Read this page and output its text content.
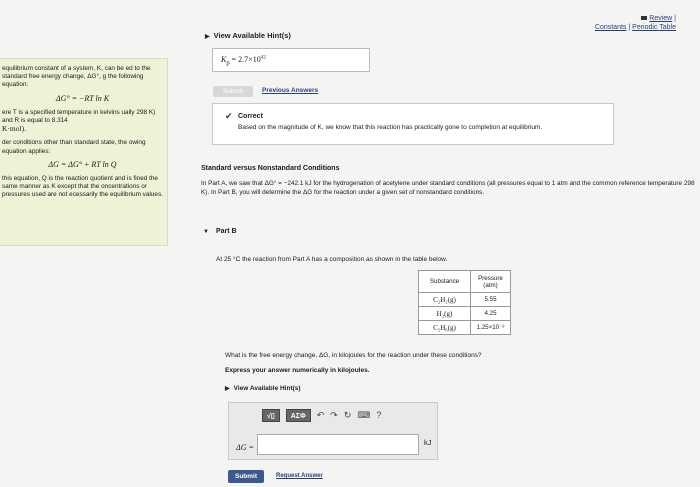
Review |
Constants | Periodic Table

equilibrium constant of a system, K, can be ed to the standard free energy change, ΔG°, g the following equation:

ΔG° = −RT ln K

ere T is a specified temperature in kelvins ually 298 K) and R is equal to 8.314
K·mol).

der conditions other than standard state, the owing equation applies:

ΔG = ΔG° + RT ln Q

this equation, Q is the reaction quotient and is fined the same manner as K except that the oncentrations or pressures used are not ecessarily the equilibrium values.

▶ View Available Hint(s)
$K_p = 2.7\times 10^{42}$
Submit	Previous Answers
✔ Correct
Based on the magnitude of K, we know that this reaction has practically gone to completion at equilibrium.
Standard versus Nonstandard Conditions
In Part A, we saw that ΔG° = −242.1 kJ for the hydrogenation of acetylene under standard conditions (all pressures equal to 1 atm and the common reference temperature 298 K). In Part B, you will determine the ΔG for the reaction under a given set of nonstandard conditions.
▼ Part B
At 25 °C the reaction from Part A has a composition as shown in the table below.
Substance	Pressure (atm)
C₂H₂(g)	5.55
H₂(g)	4.25
C₂H₆(g)	1.25×10⁻²
What is the free energy change, ΔG, in kilojoules for the reaction under these conditions?
Express your answer numerically in kilojoules.
▶ View Available Hint(s)
√▯	AΣΦ	↶ ↷ ↻ ⌨ ?
ΔG =
kJ
Submit	Request Answer
